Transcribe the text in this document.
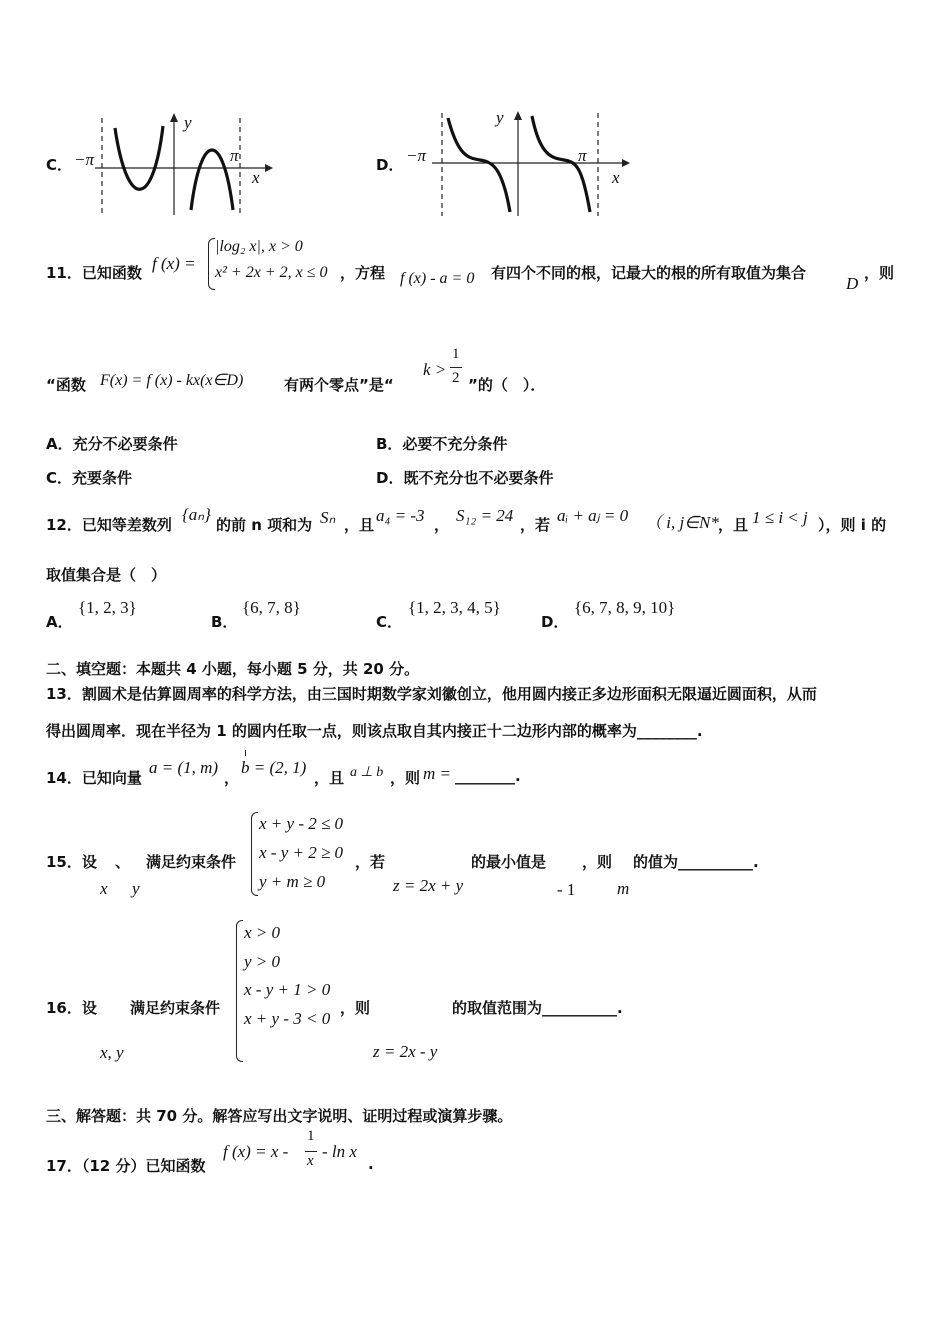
C． −π
y
π
x
D． −π
y
π
x
11．已知函数 f (x) =
|log₂ x|, x > 0
x² + 2x + 2, x ≤ 0 ，方程 f (x) - a = 0 有四个不同的根，记最大的根的所有取值为集合
D
，则
“函数 F(x) = f (x) - kx(x∈D)	有两个零点”是“
k >
1
2 ”的（　）．
A．充分不必要条件	B．必要不充分条件
C．充要条件	D．既不充分也不必要条件
12．已知等差数列
{aₙ}
的前 n 项和为 Sₙ ，且 a₄ = -3 ， S₁₂ = 24 ，若 aᵢ + aⱼ = 0 （ i, j∈N* ，且 1 ≤ i < j ），则 i 的
取值集合是（　）
A．
{1, 2, 3}
B．
{6, 7, 8}
C．
{1, 2, 3, 4, 5}
D．
{6, 7, 8, 9, 10}
二、填空题：本题共 4 小题，每小题 5 分，共 20 分。
13．割圆术是估算圆周率的科学方法，由三国时期数学家刘徽创立，他用圆内接正多边形面积无限逼近圆面积，从而
得出圆周率．现在半径为 1 的圆内任取一点，则该点取自其内接正十二边形内部的概率为________.
14．已知向量
a = (1, m)
，
b = (2, 1)
，且 a ⊥ b ，则 m = ________.
15．设 、 满足约束条件
x y
x + y - 2 ≤ 0
x - y + 2 ≥ 0
y + m ≥ 0
，若
z = 2x + y
的最小值是
- 1
，则
m
的值为__________.
16．设 满足约束条件
x, y
x > 0
y > 0
x - y + 1 > 0
x + y - 3 < 0
，则
z = 2x - y
的取值范围为__________.
三、解答题：共 70 分。解答应写出文字说明、证明过程或演算步骤。
17．（12 分）已知函数
f (x) = x -
1
x - ln x
.
